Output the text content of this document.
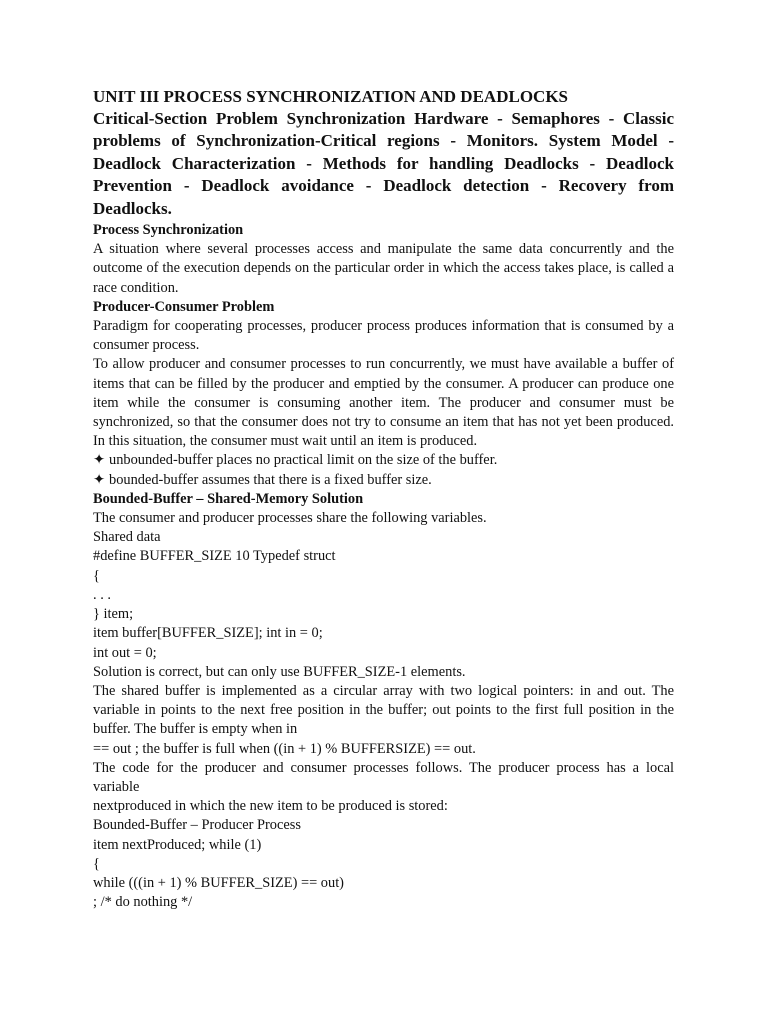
UNIT III PROCESS SYNCHRONIZATION AND DEADLOCKS

Critical-Section Problem Synchronization Hardware - Semaphores - Classic problems of Synchronization-Critical regions - Monitors. System Model - Deadlock Characterization - Methods for handling Deadlocks - Deadlock Prevention - Deadlock avoidance - Deadlock detection - Recovery from Deadlocks.

Process Synchronization

A situation where several processes access and manipulate the same data concurrently and the outcome of the execution depends on the particular order in which the access takes place, is called a race condition.

Producer-Consumer Problem

Paradigm for cooperating processes, producer process produces information that is consumed by a consumer process.

To allow producer and consumer processes to run concurrently, we must have available a buffer of items that can be filled by the producer and emptied by the consumer. A producer can produce one item while the consumer is consuming another item. The producer and consumer must be synchronized, so that the consumer does not try to consume an item that has not yet been produced. In this situation, the consumer must wait until an item is produced.

✦ unbounded-buffer places no practical limit on the size of the buffer.

✦ bounded-buffer assumes that there is a fixed buffer size.

Bounded-Buffer – Shared-Memory Solution

The consumer and producer processes share the following variables.

Shared data

#define BUFFER_SIZE 10 Typedef struct

{

. . .

} item;

item buffer[BUFFER_SIZE]; int in = 0;

int out = 0;

Solution is correct, but can only use BUFFER_SIZE-1 elements.

The shared buffer is implemented as a circular array with two logical pointers: in and out. The variable in points to the next free position in the buffer; out points to the first full position in the buffer. The buffer is empty when in

== out ; the buffer is full when ((in + 1) % BUFFERSIZE) == out.

The code for the producer and consumer processes follows. The producer process has a local variable

nextproduced in which the new item to be produced is stored:

Bounded-Buffer – Producer Process

item nextProduced; while (1)

{

while (((in + 1) % BUFFER_SIZE) == out)

; /* do nothing */
